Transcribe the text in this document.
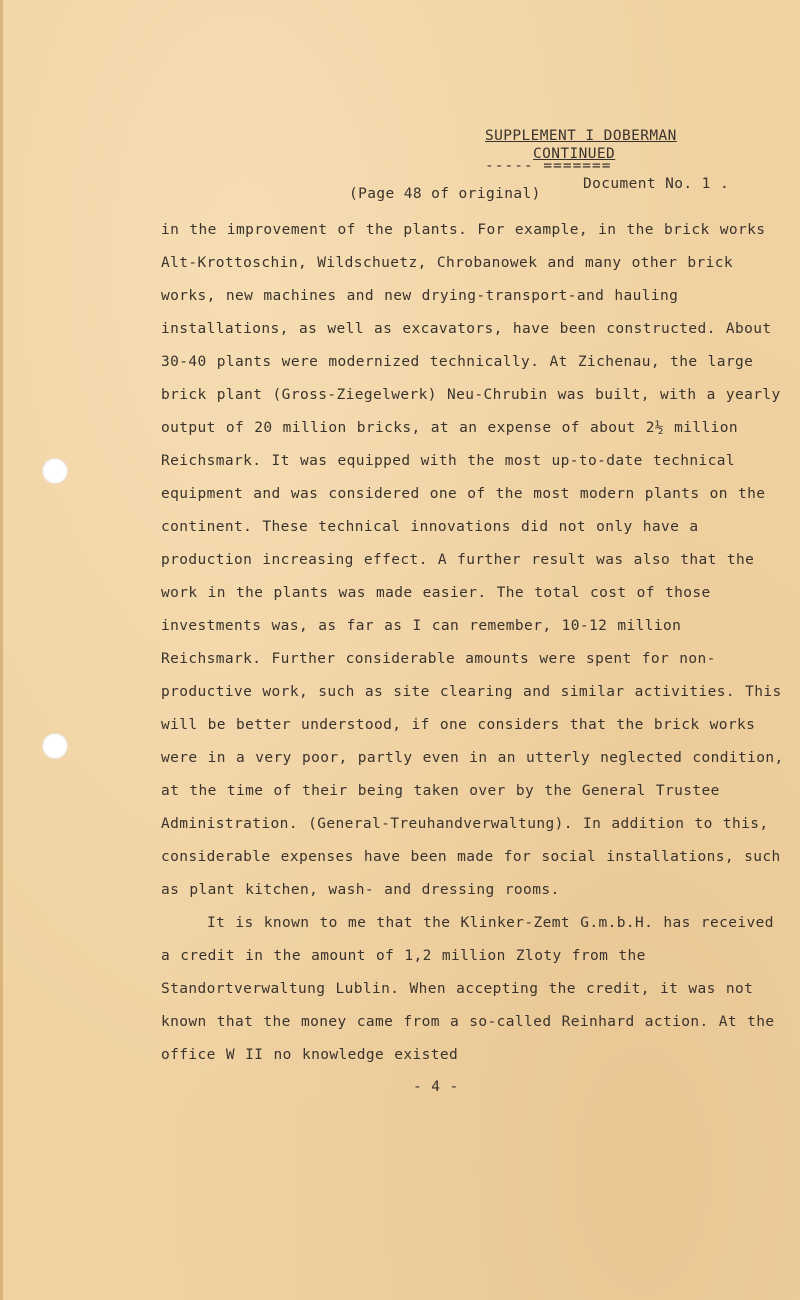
SUPPLEMENT I DOBERMAN
CONTINUED
----- =======
Document No. 1 .
(Page 48 of original)

in the improvement of the plants. For example, in the brick works Alt-Krottoschin, Wildschuetz, Chrobanowek and many other brick works, new machines and new drying-transport-and hauling installations, as well as excavators, have been constructed. About 30-40 plants were modernized technically. At Zichenau, the large brick plant (Gross-Ziegelwerk) Neu-Chrubin was built, with a yearly output of 20 million bricks, at an expense of about 2½ million Reichsmark. It was equipped with the most up-to-date technical equipment and was considered one of the most modern plants on the continent. These technical innovations did not only have a production increasing effect. A further result was also that the work in the plants was made easier. The total cost of those investments was, as far as I can remember, 10-12 million Reichsmark. Further considerable amounts were spent for non-productive work, such as site clearing and similar activities. This will be better understood, if one considers that the brick works were in a very poor, partly even in an utterly neglected condition, at the time of their being taken over by the General Trustee Administration. (General-Treuhandverwaltung). In addition to this, considerable expenses have been made for social installations, such as plant kitchen, wash- and dressing rooms.

It is known to me that the Klinker-Zemt G.m.b.H. has received a credit in the amount of 1,2 million Zloty from the Standortverwaltung Lublin. When accepting the credit, it was not known that the money came from a so-called Reinhard action. At the office W II no knowledge existed

- 4 -
